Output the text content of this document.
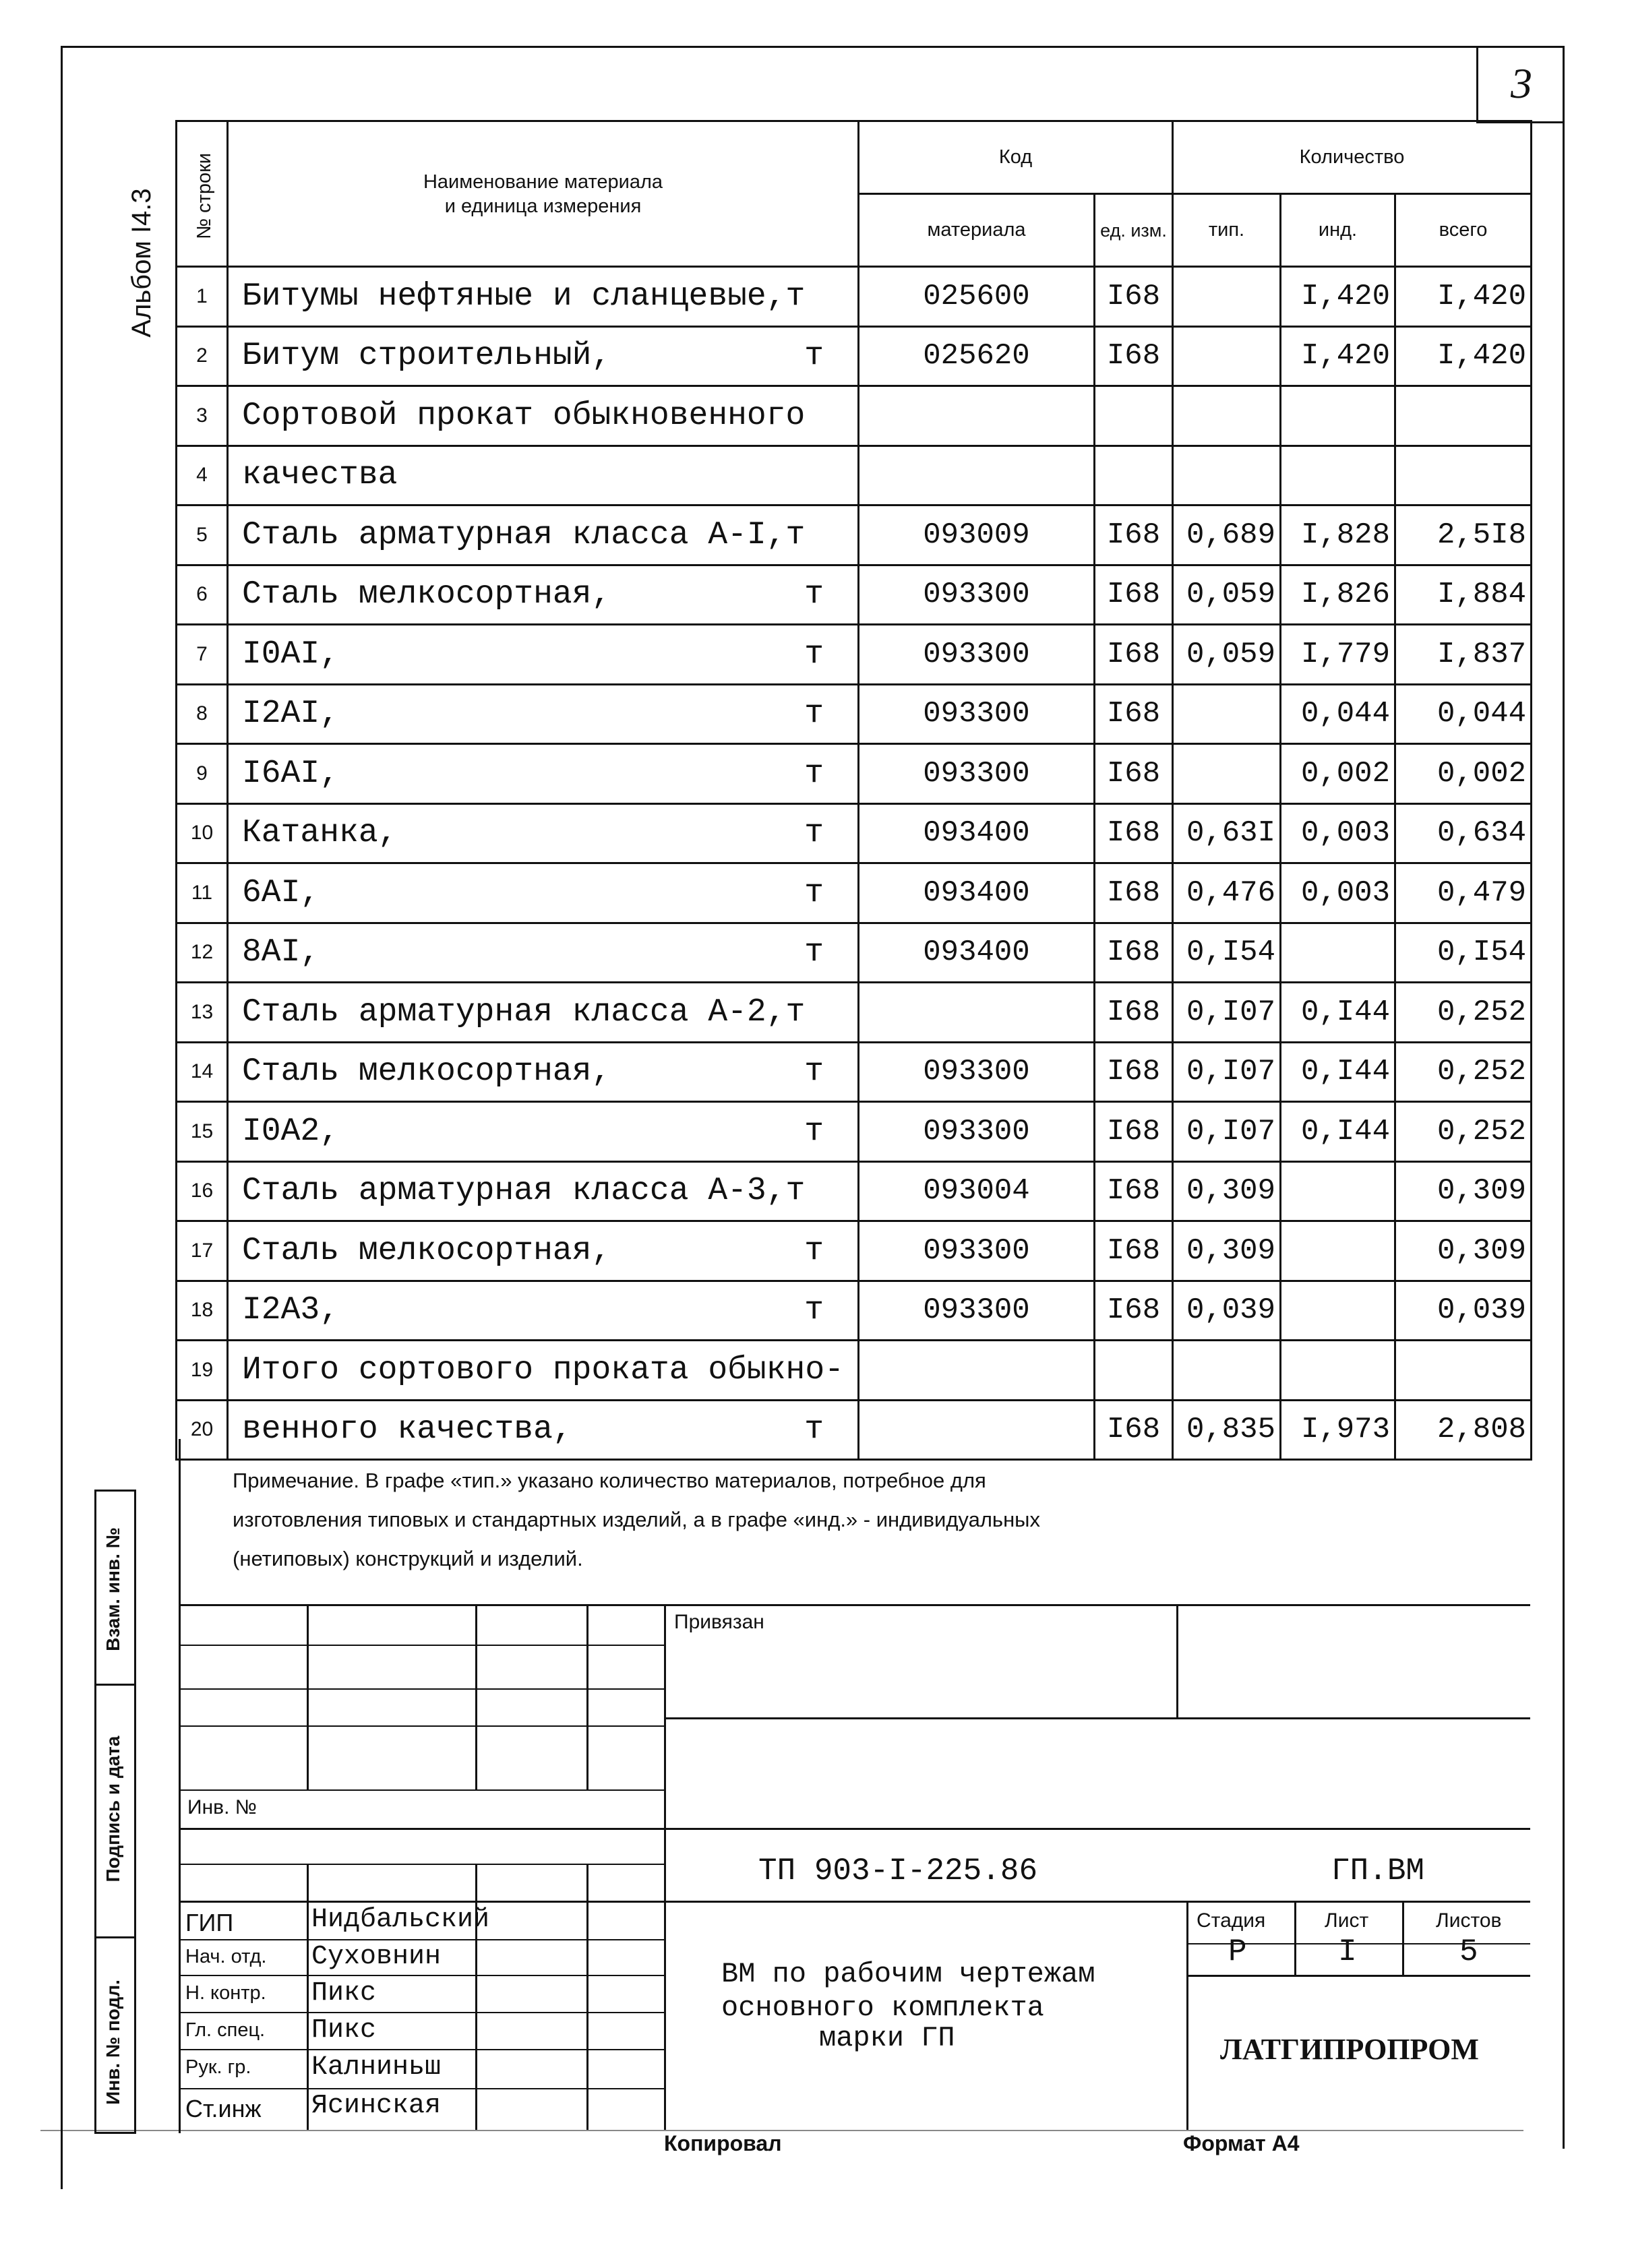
3
Альбом I4.3 № строки	Наименование материала
и единица измерения	Код		Количество		
		материала	ед. изм.	тип.	инд.	всего
1	Битумы нефтяные и сланцевые,т	025600	I68		I,420	I,420
2	Битум строительный, т	025620	I68		I,420	I,420
3	Сортовой прокат обыкновенного					
4	качества					
5	Сталь арматурная класса А-I,т	093009	I68	0,689	I,828	2,5I8
6	Сталь мелкосортная, т	093300	I68	0,059	I,826	I,884
7	I0AI, т	093300	I68	0,059	I,779	I,837
8	I2AI, т	093300	I68		0,044	0,044
9	I6AI, т	093300	I68		0,002	0,002
10	Катанка, т	093400	I68	0,63I	0,003	0,634
11	6AI, т	093400	I68	0,476	0,003	0,479
12	8AI, т	093400	I68	0,I54		0,I54
13	Сталь арматурная класса А-2,т		I68	0,I07	0,I44	0,252
14	Сталь мелкосортная, т	093300	I68	0,I07	0,I44	0,252
15	I0A2, т	093300	I68	0,I07	0,I44	0,252
16	Сталь арматурная класса А-3,т	093004	I68	0,309		0,309
17	Сталь мелкосортная, т	093300	I68	0,309		0,309
18	I2A3, т	093300	I68	0,039		0,039
19	Итого сортового проката обыкно-					
20	венного качества, т		I68	0,835	I,973	2,808
Примечание. В графе «тип.» указано количество материалов, потребное для
изготовления типовых и стандартных изделий, а в графе «инд.» - индивидуальных
(нетиповых) конструкций и изделий.
Взам. инв. №
Подпись и дата
Инв. № подл.
Привязан
Инв. №
ТП 903-I-225.86	ГП.ВМ
ВМ по рабочим чертежам
основного комплекта
марки ГП
Стадия	Лист	Листов
Р	I	5
ЛАТГИПРОПРОМ
ГИП	Нидбальский
Нач. отд. Суховнин
Н. контр. Пикс
Гл. спец. Пикс
Рук. гр. Калниньш
Ст.инж Ясинская
Копировал	Формат А4
